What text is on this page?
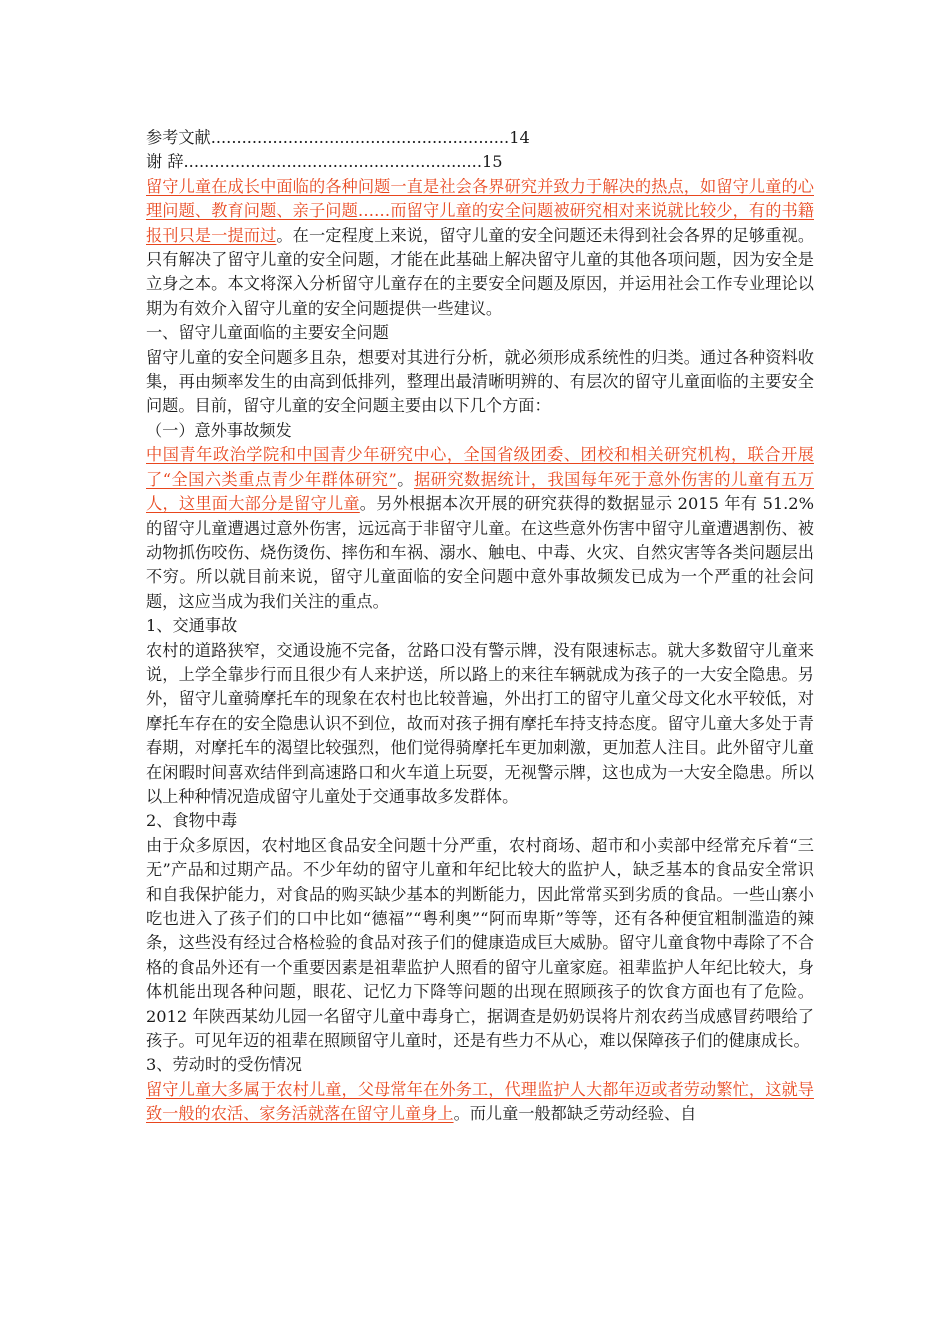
参考文献..........................................................14
谢 辞..........................................................15

留守儿童在成长中面临的各种问题一直是社会各界研究并致力于解决的热点，如留守儿童的心理问题、教育问题、亲子问题……而留守儿童的安全问题被研究相对来说就比较少，有的书籍报刊只是一提而过。在一定程度上来说，留守儿童的安全问题还未得到社会各界的足够重视。只有解决了留守儿童的安全问题，才能在此基础上解决留守儿童的其他各项问题，因为安全是立身之本。本文将深入分析留守儿童存在的主要安全问题及原因，并运用社会工作专业理论以期为有效介入留守儿童的安全问题提供一些建议。

一、留守儿童面临的主要安全问题

留守儿童的安全问题多且杂，想要对其进行分析，就必须形成系统性的归类。通过各种资料收集，再由频率发生的由高到低排列，整理出最清晰明辨的、有层次的留守儿童面临的主要安全问题。目前，留守儿童的安全问题主要由以下几个方面：

（一）意外事故频发

中国青年政治学院和中国青少年研究中心，全国省级团委、团校和相关研究机构，联合开展了“全国六类重点青少年群体研究”。据研究数据统计，我国每年死于意外伤害的儿童有五万人，这里面大部分是留守儿童。另外根据本次开展的研究获得的数据显示 2015 年有 51.2%的留守儿童遭遇过意外伤害，远远高于非留守儿童。在这些意外伤害中留守儿童遭遇割伤、被动物抓伤咬伤、烧伤烫伤、摔伤和车祸、溺水、触电、中毒、火灾、自然灾害等各类问题层出不穷。所以就目前来说，留守儿童面临的安全问题中意外事故频发已成为一个严重的社会问题，这应当成为我们关注的重点。

1、交通事故

农村的道路狭窄，交通设施不完备，岔路口没有警示牌，没有限速标志。就大多数留守儿童来说，上学全靠步行而且很少有人来护送，所以路上的来往车辆就成为孩子的一大安全隐患。另外，留守儿童骑摩托车的现象在农村也比较普遍，外出打工的留守儿童父母文化水平较低，对摩托车存在的安全隐患认识不到位，故而对孩子拥有摩托车持支持态度。留守儿童大多处于青春期，对摩托车的渴望比较强烈，他们觉得骑摩托车更加刺激，更加惹人注目。此外留守儿童在闲暇时间喜欢结伴到高速路口和火车道上玩耍，无视警示牌，这也成为一大安全隐患。所以以上种种情况造成留守儿童处于交通事故多发群体。

2、食物中毒

由于众多原因，农村地区食品安全问题十分严重，农村商场、超市和小卖部中经常充斥着“三无”产品和过期产品。不少年幼的留守儿童和年纪比较大的监护人，缺乏基本的食品安全常识和自我保护能力，对食品的购买缺少基本的判断能力，因此常常买到劣质的食品。一些山寨小吃也进入了孩子们的口中比如“德福”“粤利奥”“阿而卑斯”等等，还有各种便宜粗制滥造的辣条，这些没有经过合格检验的食品对孩子们的健康造成巨大威胁。留守儿童食物中毒除了不合格的食品外还有一个重要因素是祖辈监护人照看的留守儿童家庭。祖辈监护人年纪比较大，身体机能出现各种问题，眼花、记忆力下降等问题的出现在照顾孩子的饮食方面也有了危险。2012 年陕西某幼儿园一名留守儿童中毒身亡，据调查是奶奶误将片剂农药当成感冒药喂给了孩子。可见年迈的祖辈在照顾留守儿童时，还是有些力不从心，难以保障孩子们的健康成长。

3、劳动时的受伤情况

留守儿童大多属于农村儿童，父母常年在外务工，代理监护人大都年迈或者劳动繁忙，这就导致一般的农活、家务活就落在留守儿童身上。而儿童一般都缺乏劳动经验、自
